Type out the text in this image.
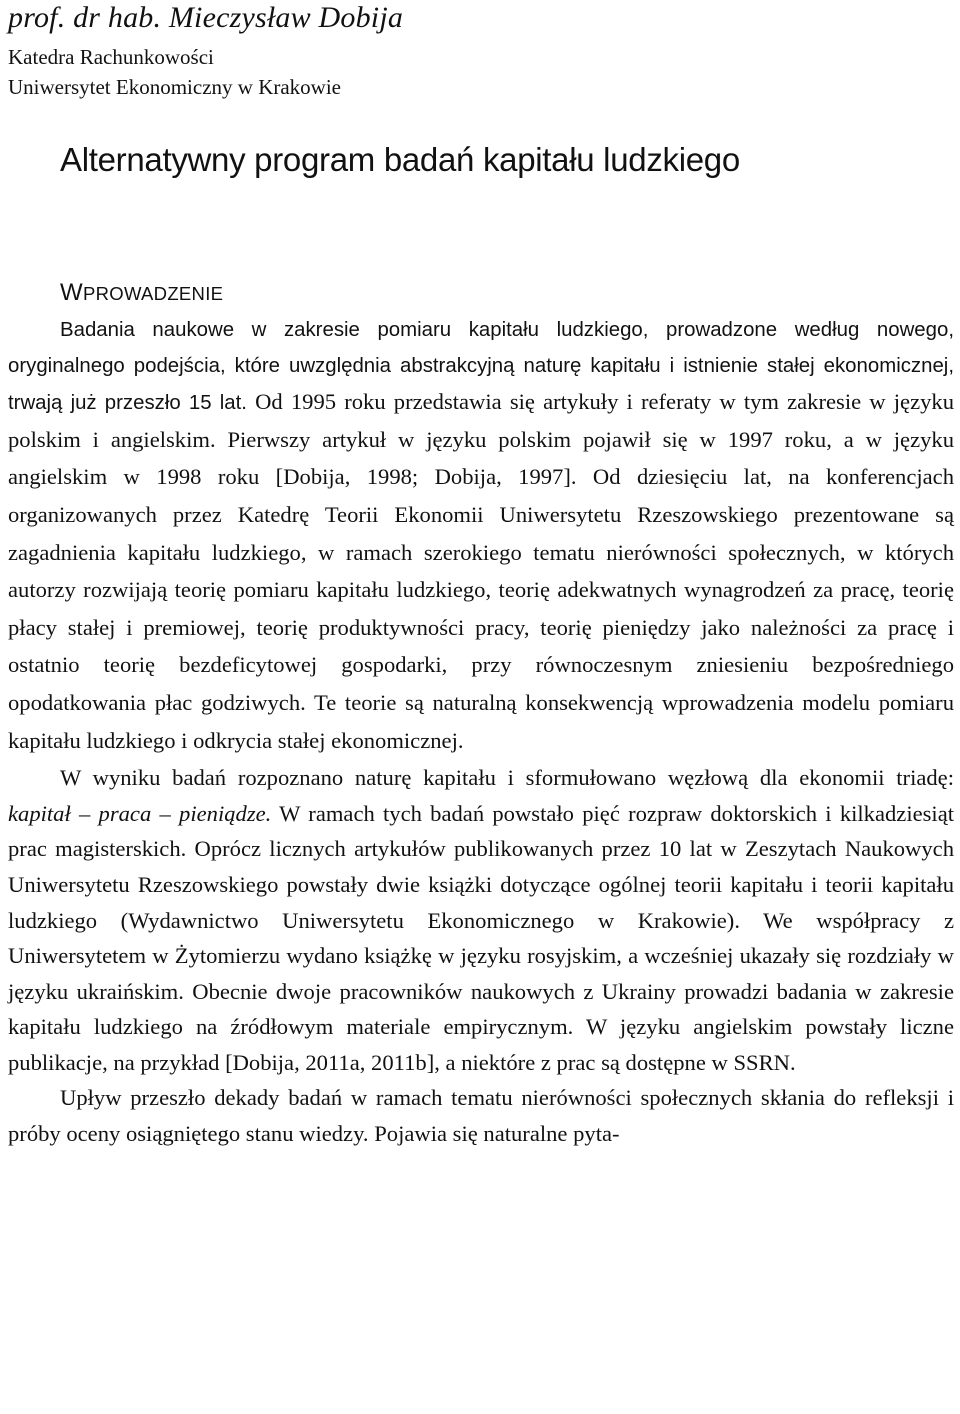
prof. dr hab. Mieczysław Dobija

Katedra Rachunkowości
Uniwersytet Ekonomiczny w Krakowie
Alternatywny program badań kapitału ludzkiego
WPROWADZENIE

Badania naukowe w zakresie pomiaru kapitału ludzkiego, prowadzone według nowego, oryginalnego podejścia, które uwzględnia abstrakcyjną naturę kapitału i istnienie stałej ekonomicznej, trwają już przeszło 15 lat. Od 1995 roku przedstawia się artykuły i referaty w tym zakresie w języku polskim i angielskim. Pierwszy artykuł w języku polskim pojawił się w 1997 roku, a w języku angielskim w 1998 roku [Dobija, 1998; Dobija, 1997]. Od dziesięciu lat, na konferencjach organizowanych przez Katedrę Teorii Ekonomii Uniwersytetu Rzeszowskiego prezentowane są zagadnienia kapitału ludzkiego, w ramach szerokiego tematu nierówności społecznych, w których autorzy rozwijają teorię pomiaru kapitału ludzkiego, teorię adekwatnych wynagrodzeń za pracę, teorię płacy stałej i premiowej, teorię produktywności pracy, teorię pieniędzy jako należności za pracę i ostatnio teorię bezdeficytowej gospodarki, przy równoczesnym zniesieniu bezpośredniego opodatkowania płac godziwych. Te teorie są naturalną konsekwencją wprowadzenia modelu pomiaru kapitału ludzkiego i odkrycia stałej ekonomicznej.

W wyniku badań rozpoznano naturę kapitału i sformułowano węzłową dla ekonomii triadę: kapitał – praca – pieniądze. W ramach tych badań powstało pięć rozpraw doktorskich i kilkadziesiąt prac magisterskich. Oprócz licznych artykułów publikowanych przez 10 lat w Zeszytach Naukowych Uniwersytetu Rzeszowskiego powstały dwie książki dotyczące ogólnej teorii kapitału i teorii kapitału ludzkiego (Wydawnictwo Uniwersytetu Ekonomicznego w Krakowie). We współpracy z Uniwersytetem w Żytomierzu wydano książkę w języku rosyjskim, a wcześniej ukazały się rozdziały w języku ukraińskim. Obecnie dwoje pracowników naukowych z Ukrainy prowadzi badania w zakresie kapitału ludzkiego na źródłowym materiale empirycznym. W języku angielskim powstały liczne publikacje, na przykład [Dobija, 2011a, 2011b], a niektóre z prac są dostępne w SSRN.

Upływ przeszło dekady badań w ramach tematu nierówności społecznych skłania do refleksji i próby oceny osiągniętego stanu wiedzy. Pojawia się naturalne pyta-
